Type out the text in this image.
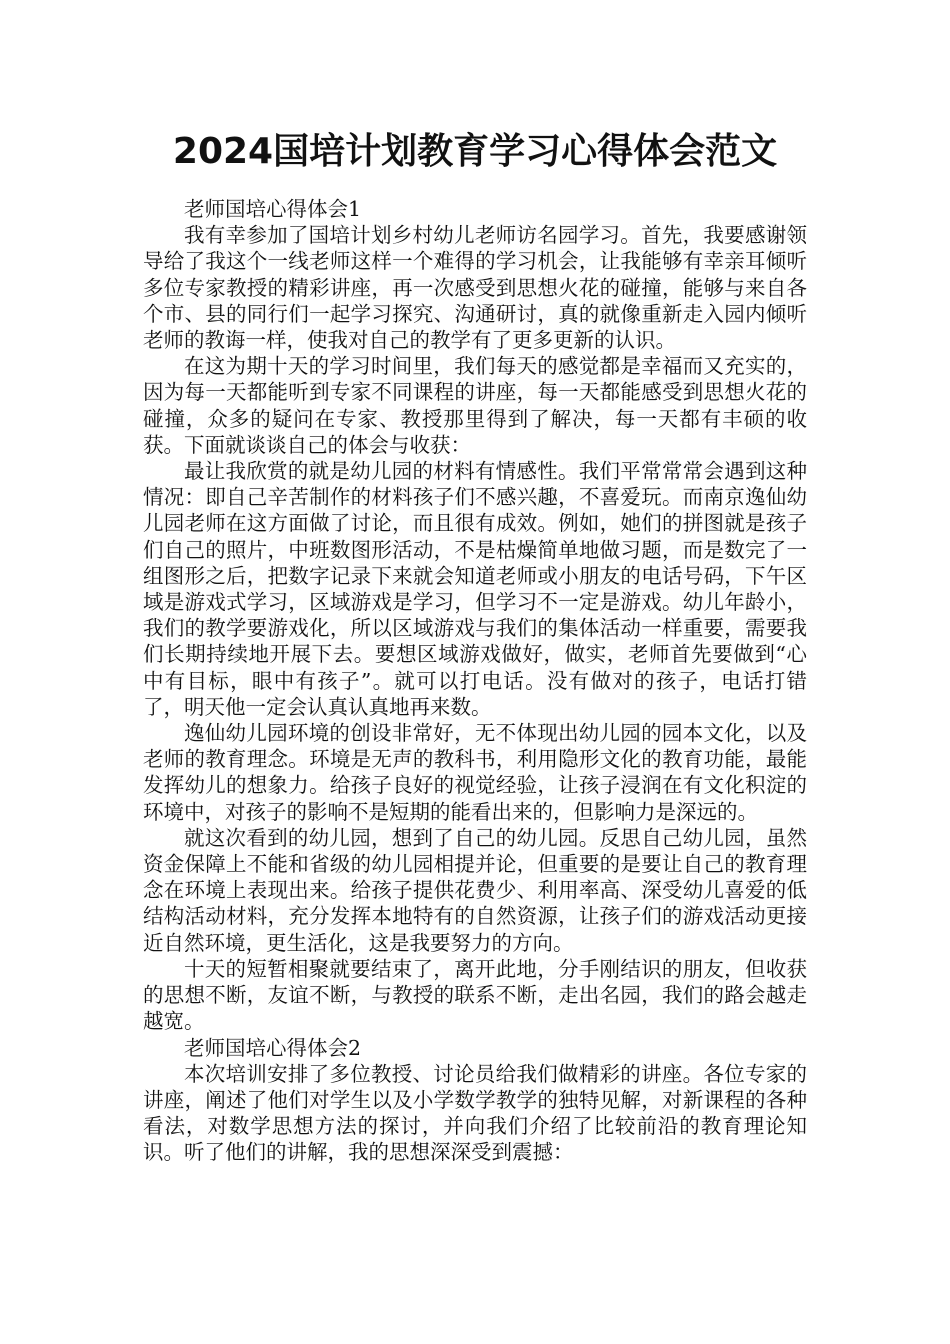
2024国培计划教育学习心得体会范文

老师国培心得体会1

我有幸参加了国培计划乡村幼儿老师访名园学习。首先，我要感谢领导给了我这个一线老师这样一个难得的学习机会，让我能够有幸亲耳倾听多位专家教授的精彩讲座，再一次感受到思想火花的碰撞，能够与来自各个市、县的同行们一起学习探究、沟通研讨，真的就像重新走入园内倾听老师的教诲一样，使我对自己的教学有了更多更新的认识。

在这为期十天的学习时间里，我们每天的感觉都是幸福而又充实的，因为每一天都能听到专家不同课程的讲座，每一天都能感受到思想火花的碰撞，众多的疑问在专家、教授那里得到了解决，每一天都有丰硕的收获。下面就谈谈自己的体会与收获：

最让我欣赏的就是幼儿园的材料有情感性。我们平常常常会遇到这种情况：即自己辛苦制作的材料孩子们不感兴趣，不喜爱玩。而南京逸仙幼儿园老师在这方面做了讨论，而且很有成效。例如，她们的拼图就是孩子们自己的照片，中班数图形活动，不是枯燥简单地做习题，而是数完了一组图形之后，把数字记录下来就会知道老师或小朋友的电话号码，下午区域是游戏式学习，区域游戏是学习，但学习不一定是游戏。幼儿年龄小，我们的教学要游戏化，所以区域游戏与我们的集体活动一样重要，需要我们长期持续地开展下去。要想区域游戏做好，做实，老师首先要做到“心中有目标，眼中有孩子”。就可以打电话。没有做对的孩子，电话打错了，明天他一定会认真认真地再来数。

逸仙幼儿园环境的创设非常好，无不体现出幼儿园的园本文化，以及老师的教育理念。环境是无声的教科书，利用隐形文化的教育功能，最能发挥幼儿的想象力。给孩子良好的视觉经验，让孩子浸润在有文化积淀的环境中，对孩子的影响不是短期的能看出来的，但影响力是深远的。

就这次看到的幼儿园，想到了自己的幼儿园。反思自己幼儿园，虽然资金保障上不能和省级的幼儿园相提并论，但重要的是要让自己的教育理念在环境上表现出来。给孩子提供花费少、利用率高、深受幼儿喜爱的低结构活动材料，充分发挥本地特有的自然资源，让孩子们的游戏活动更接近自然环境，更生活化，这是我要努力的方向。

十天的短暂相聚就要结束了，离开此地，分手刚结识的朋友，但收获的思想不断，友谊不断，与教授的联系不断，走出名园，我们的路会越走越宽。

老师国培心得体会2

本次培训安排了多位教授、讨论员给我们做精彩的讲座。各位专家的讲座，阐述了他们对学生以及小学数学教学的独特见解，对新课程的各种看法，对数学思想方法的探讨，并向我们介绍了比较前沿的教育理论知识。听了他们的讲解，我的思想深深受到震撼：
